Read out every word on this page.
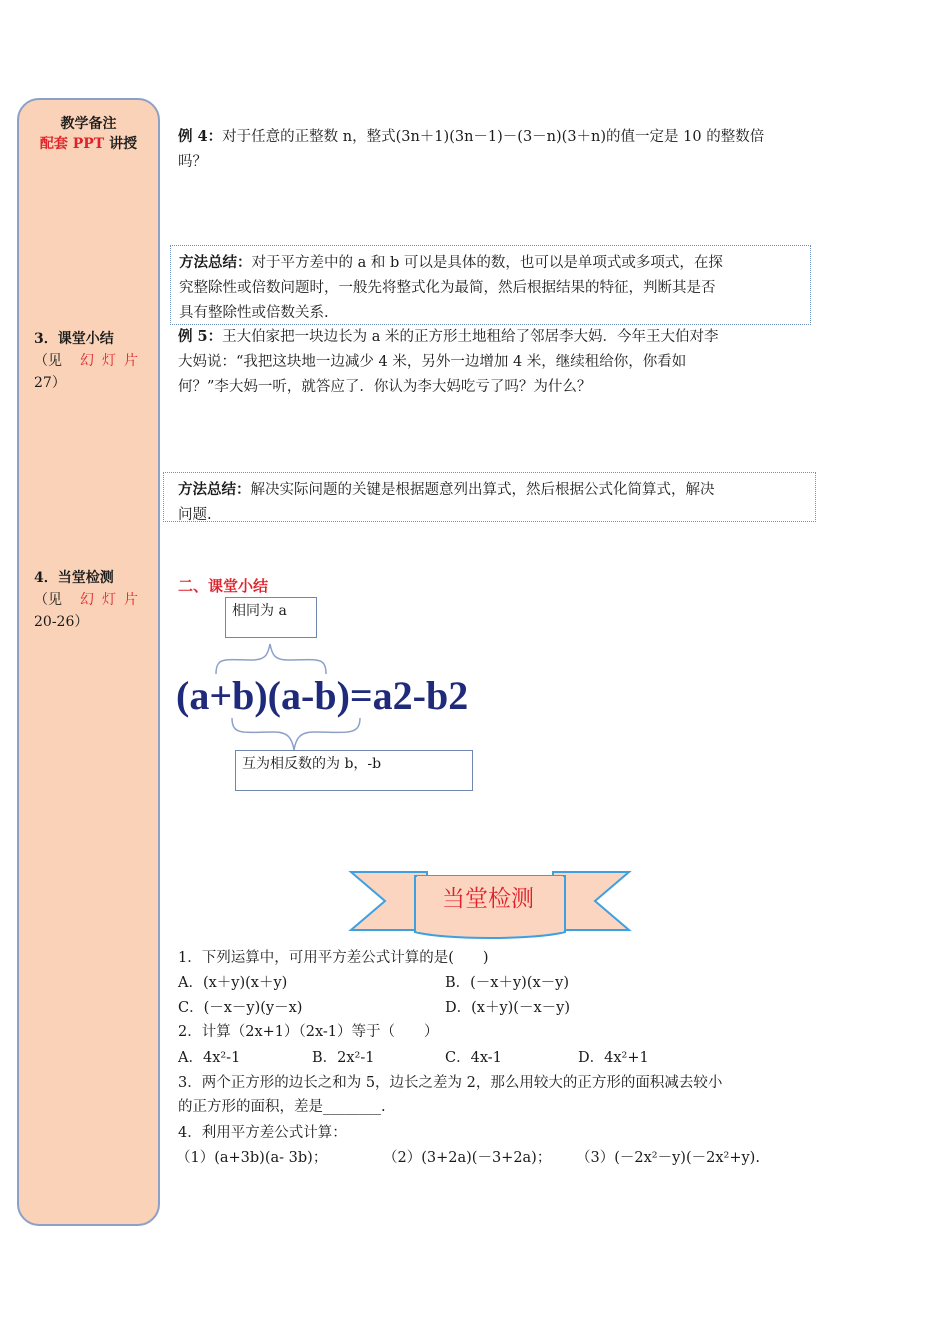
教学备注
配套 PPT 讲授
3．课堂小结
（见 幻灯片
27）
4．当堂检测
（见 幻灯片
20-26）
例 4：对于任意的正整数 n，整式(3n＋1)(3n－1)－(3－n)(3＋n)的值一定是 10 的整数倍
吗？
方法总结：对于平方差中的 a 和 b 可以是具体的数，也可以是单项式或多项式，在探
究整除性或倍数问题时，一般先将整式化为最简，然后根据结果的特征，判断其是否
具有整除性或倍数关系.
例 5：王大伯家把一块边长为 a 米的正方形土地租给了邻居李大妈．今年王大伯对李
大妈说：“我把这块地一边减少 4 米，另外一边增加 4 米，继续租给你，你看如
何？”李大妈一听，就答应了．你认为李大妈吃亏了吗？为什么？
方法总结：解决实际问题的关键是根据题意列出算式，然后根据公式化简算式，解决
问题.
二、课堂小结
相同为 a
(a+b)(a-b)=a2-b2
互为相反数的为 b，-b
当堂检测
1．下列运算中，可用平方差公式计算的是(　　)
A．(x＋y)(x＋y)	B．(－x＋y)(x－y)
C．(－x－y)(y－x)	D．(x＋y)(－x－y)
2．计算（2x+1）（2x-1）等于（　　）
A．4x²-1	B．2x²-1	C．4x-1	D．4x²+1
3．两个正方形的边长之和为 5，边长之差为 2，那么用较大的正方形的面积减去较小
的正方形的面积，差是________.
4．利用平方差公式计算：
（1）(a+3b)(a- 3b)；	（2）(3+2a)(－3+2a)； （3）(－2x²－y)(－2x²+y).
